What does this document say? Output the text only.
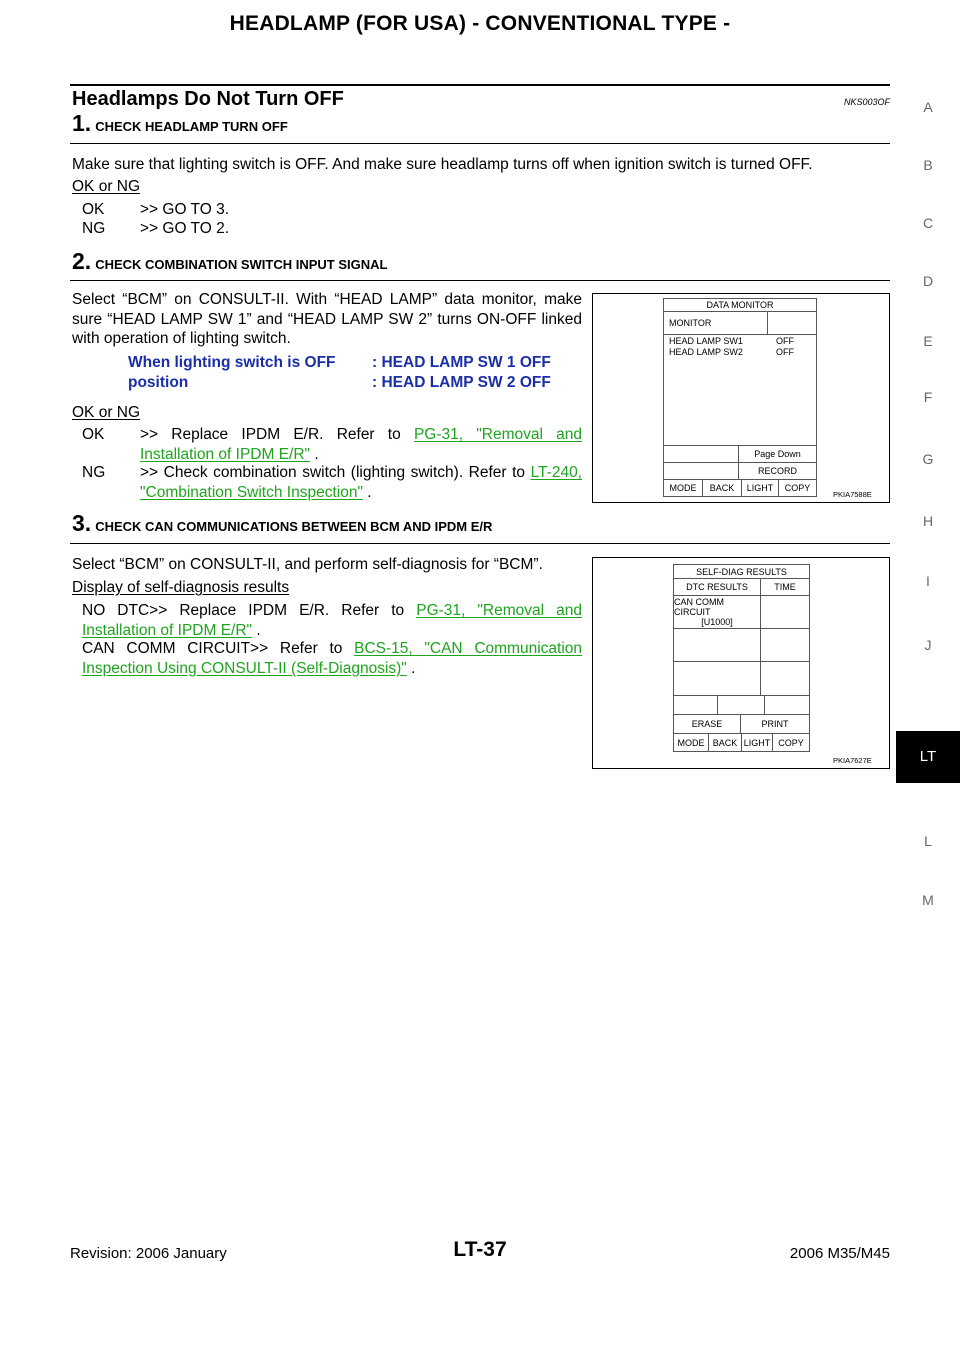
HEADLAMP (FOR USA) - CONVENTIONAL TYPE -
A
B
C
D
E
F
G
H
I
J
LT
L
M
Headlamps Do Not Turn OFF	NKS003OF
1. CHECK HEADLAMP TURN OFF
Make sure that lighting switch is OFF. And make sure headlamp turns off when ignition switch is turned OFF.
OK or NG
OK >> GO TO 3.
NG >> GO TO 2.
2. CHECK COMBINATION SWITCH INPUT SIGNAL
Select “BCM” on CONSULT-II. With “HEAD LAMP” data monitor, make sure “HEAD LAMP SW 1” and “HEAD LAMP SW 2” turns ON-OFF linked with operation of lighting switch.
When lighting switch is OFF
position
: HEAD LAMP SW 1 OFF
: HEAD LAMP SW 2 OFF
OK or NG
OK >> Replace IPDM E/R. Refer to PG-31, "Removal and Installation of IPDM E/R" .
NG >> Check combination switch (lighting switch). Refer to LT-240, "Combination Switch Inspection" .
DATA MONITOR
MONITOR
HEAD LAMP SW1	OFF
HEAD LAMP SW2	OFF
Page Down
RECORD
MODE	BACK	LIGHT	COPY
PKIA7588E
3. CHECK CAN COMMUNICATIONS BETWEEN BCM AND IPDM E/R
Select “BCM” on CONSULT-II, and perform self-diagnosis for “BCM”.
Display of self-diagnosis results
NO DTC>> Replace IPDM E/R. Refer to PG-31, "Removal and Installation of IPDM E/R" .
CAN COMM CIRCUIT>> Refer to BCS-15, "CAN Communication Inspection Using CONSULT-II (Self-Diagnosis)" .
SELF-DIAG RESULTS
DTC RESULTS	TIME
CAN COMM CIRCUIT
[U1000]
ERASE	PRINT
MODE BACK LIGHT COPY
PKIA7627E
LT-37
Revision: 2006 January	2006 M35/M45
